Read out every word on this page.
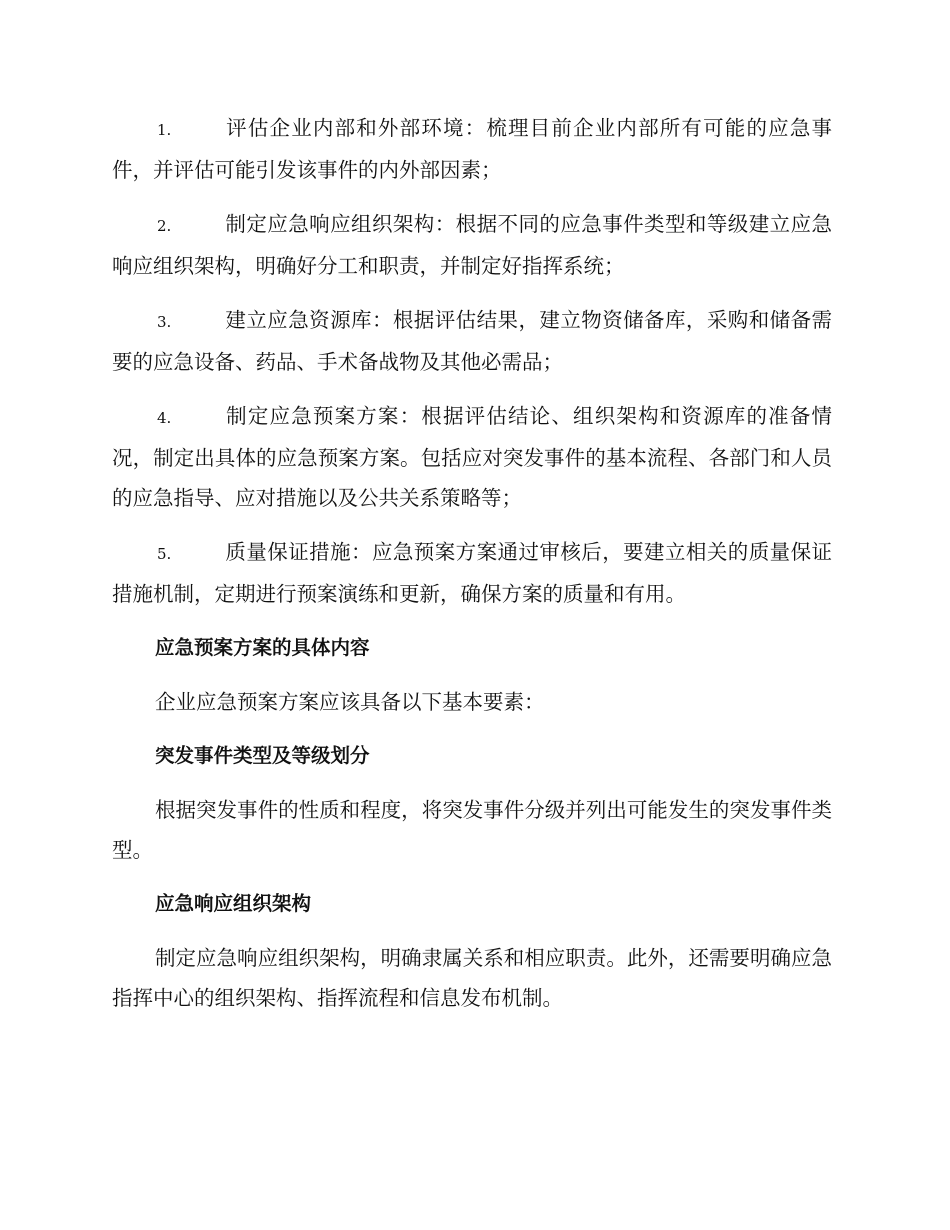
1.	评估企业内部和外部环境：梳理目前企业内部所有可能的应急事件，并评估可能引发该事件的内外部因素；

2.	制定应急响应组织架构：根据不同的应急事件类型和等级建立应急响应组织架构，明确好分工和职责，并制定好指挥系统；

3.	建立应急资源库：根据评估结果，建立物资储备库，采购和储备需要的应急设备、药品、手术备战物及其他必需品；

4.	制定应急预案方案：根据评估结论、组织架构和资源库的准备情况，制定出具体的应急预案方案。包括应对突发事件的基本流程、各部门和人员的应急指导、应对措施以及公共关系策略等；

5.	质量保证措施：应急预案方案通过审核后，要建立相关的质量保证措施机制，定期进行预案演练和更新，确保方案的质量和有用。

应急预案方案的具体内容

企业应急预案方案应该具备以下基本要素：

突发事件类型及等级划分

根据突发事件的性质和程度，将突发事件分级并列出可能发生的突发事件类型。

应急响应组织架构

制定应急响应组织架构，明确隶属关系和相应职责。此外，还需要明确应急指挥中心的组织架构、指挥流程和信息发布机制。
